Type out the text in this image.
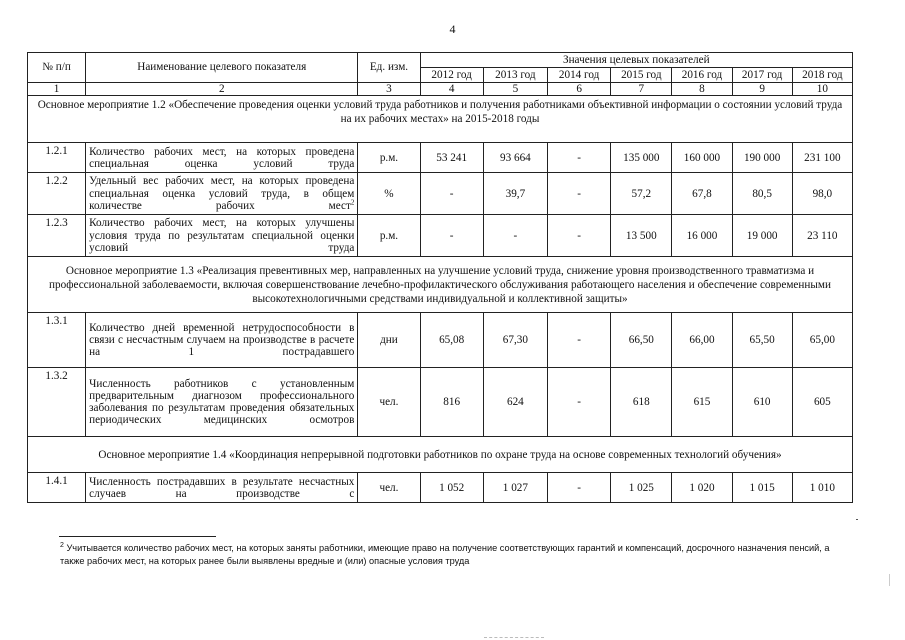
4
№ п/п	Наименование целевого показателя	Ед. изм.	Значения целевых показателей						
			2012 год	2013 год	2014 год	2015 год	2016 год	2017 год	2018 год
1	2	3	4	5	6	7	8	9	10
Основное мероприятие 1.2 «Обеспечение проведения оценки условий труда работников и получения работниками объективной информации о состоянии условий труда на их рабочих местах» на 2015-2018 годы									
1.2.1	Количество рабочих мест, на которых проведена специальная оценка условий труда	р.м.	53 241	93 664	-	135 000	160 000	190 000	231 100
1.2.2	Удельный вес рабочих мест, на которых проведена специальная оценка условий труда, в общем количестве рабочих мест$^2$	%	-	39,7	-	57,2	67,8	80,5	98,0
1.2.3	Количество рабочих мест, на которых улучшены условия труда по результатам специальной оценки условий труда	р.м.	-	-	-	13 500	16 000	19 000	23 110
Основное мероприятие 1.3 «Реализация превентивных мер, направленных на улучшение условий труда, снижение уровня производственного травматизма и профессиональной заболеваемости, включая совершенствование лечебно-профилактического обслуживания работающего населения и обеспечение современными высокотехнологичными средствами индивидуальной и коллективной защиты»									
1.3.1	Количество дней временной нетрудоспособности в связи с несчастным случаем на производстве в расчете на 1 пострадавшего	дни	65,08	67,30	-	66,50	66,00	65,50	65,00
1.3.2	Численность работников с установленным предварительным диагнозом профессионального заболевания по результатам проведения обязательных периодических медицинских осмотров	чел.	816	624	-	618	615	610	605
Основное мероприятие 1.4 «Координация непрерывной подготовки работников по охране труда на основе современных технологий обучения»									
1.4.1	Численность пострадавших в результате несчастных случаев на производстве с	чел.	1 052	1 027	-	1 025	1 020	1 015	1 010
$^2$ Учитывается количество рабочих мест, на которых заняты работники, имеющие право на получение соответствующих гарантий и компенсаций, досрочного назначения пенсий, а также рабочих мест, на которых ранее были выявлены вредные и (или) опасные условия труда
